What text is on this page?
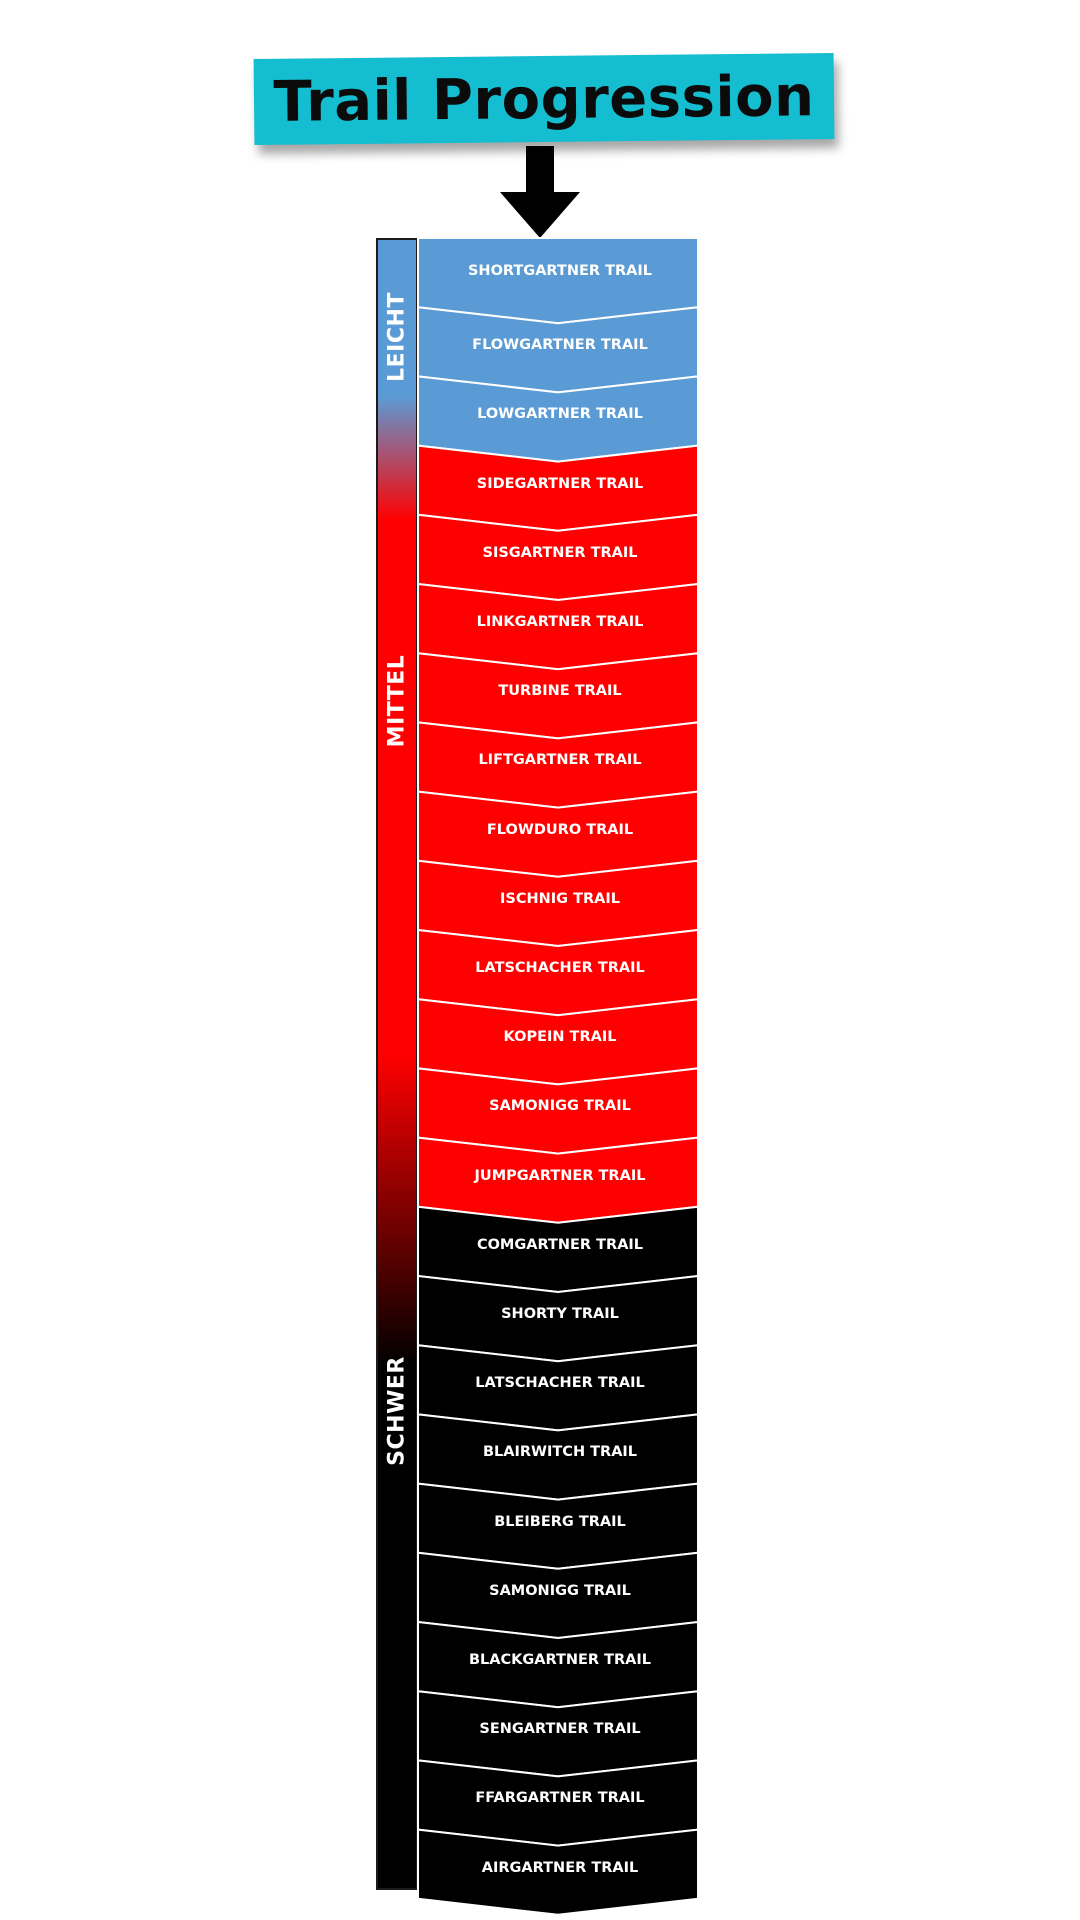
Trail Progression
LEICHT
MITTEL
SCHWER
SHORTGARTNER TRAIL
FLOWGARTNER TRAIL
LOWGARTNER TRAIL
SIDEGARTNER TRAIL
SISGARTNER TRAIL
LINKGARTNER TRAIL
TURBINE TRAIL
LIFTGARTNER TRAIL
FLOWDURO TRAIL
ISCHNIG TRAIL
LATSCHACHER TRAIL
KOPEIN TRAIL
SAMONIGG TRAIL
JUMPGARTNER TRAIL
COMGARTNER TRAIL
SHORTY TRAIL
LATSCHACHER TRAIL
BLAIRWITCH TRAIL
BLEIBERG TRAIL
SAMONIGG TRAIL
BLACKGARTNER TRAIL
SENGARTNER TRAIL
FFARGARTNER TRAIL
AIRGARTNER TRAIL
